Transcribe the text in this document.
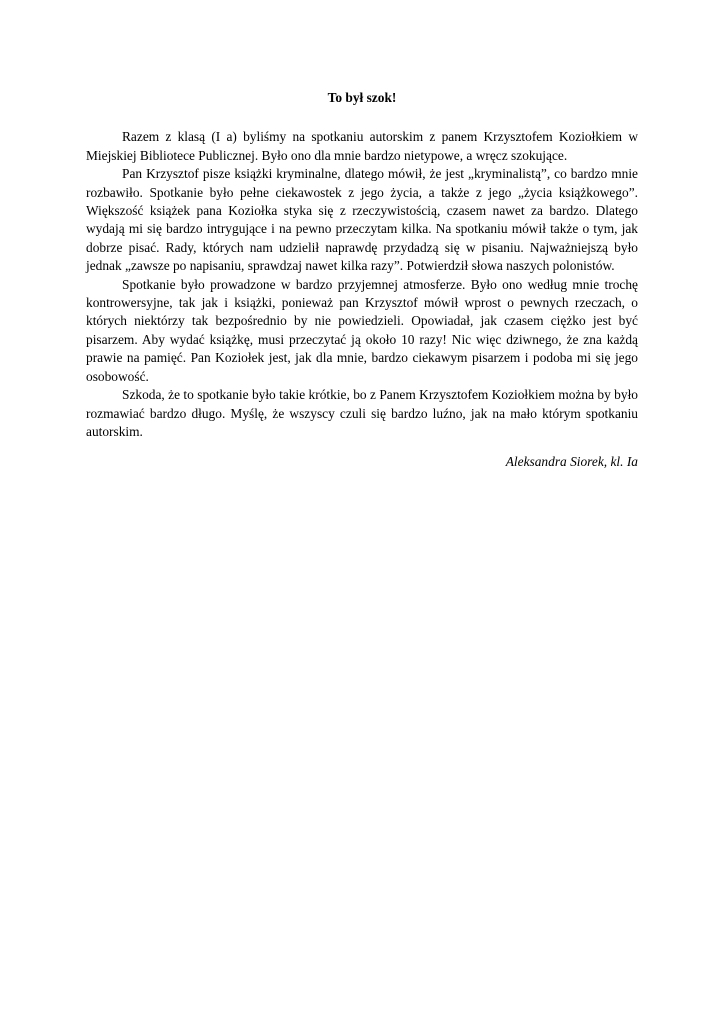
To był szok!

Razem z klasą (I a) byliśmy na spotkaniu autorskim z panem Krzysztofem Koziołkiem w Miejskiej Bibliotece Publicznej. Było ono dla mnie bardzo nietypowe, a wręcz szokujące.

Pan Krzysztof pisze książki kryminalne, dlatego mówił, że jest „kryminalistą”, co bardzo mnie rozbawiło. Spotkanie było pełne ciekawostek z jego życia, a także z jego „życia książkowego”. Większość książek pana Koziołka styka się z rzeczywistością, czasem nawet za bardzo. Dlatego wydają mi się bardzo intrygujące i na pewno przeczytam kilka. Na spotkaniu mówił także o tym, jak dobrze pisać. Rady, których nam udzielił naprawdę przydadzą się w pisaniu. Najważniejszą było jednak „zawsze po napisaniu, sprawdzaj nawet kilka razy”. Potwierdził słowa naszych polonistów.

Spotkanie było prowadzone w bardzo przyjemnej atmosferze. Było ono według mnie trochę kontrowersyjne, tak jak i książki, ponieważ pan Krzysztof mówił wprost o pewnych rzeczach, o których niektórzy tak bezpośrednio by nie powiedzieli. Opowiadał, jak czasem ciężko jest być pisarzem. Aby wydać książkę, musi przeczytać ją około 10 razy! Nic więc dziwnego, że zna każdą prawie na pamięć. Pan Koziołek jest, jak dla mnie, bardzo ciekawym pisarzem i podoba mi się jego osobowość.

Szkoda, że to spotkanie było takie krótkie, bo z Panem Krzysztofem Koziołkiem można by było rozmawiać bardzo długo. Myślę, że wszyscy czuli się bardzo luźno, jak na mało którym spotkaniu autorskim.

Aleksandra Siorek, kl. Ia
